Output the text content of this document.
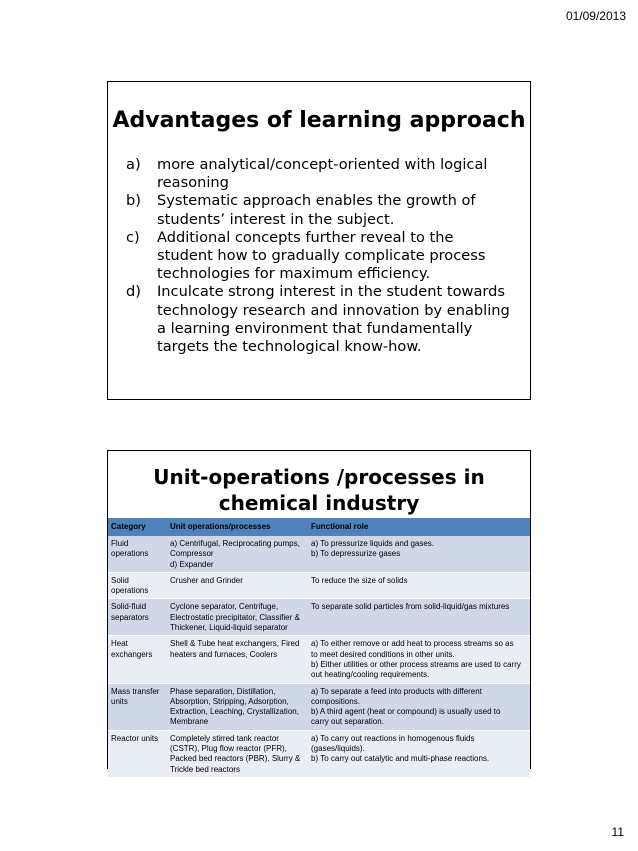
01/09/2013
Advantages of learning approach
a) more analytical/concept-oriented with logical
reasoning
b) Systematic approach enables the growth of
students’ interest in the subject.
c) Additional concepts further reveal to the
student how to gradually complicate process
technologies for maximum efficiency.
d) Inculcate strong interest in the student towards
technology research and innovation by enabling
a learning environment that fundamentally
targets the technological know-how.
Unit-operations /processes in
chemical industry
Category	Unit operations/processes	Functional role

Fluid
operations	a) Centrifugal, Reciprocating pumps,
Compressor
d) Expander	a) To pressurize liquids and gases.
b) To depressurize gases

Solid
operations	Crusher and Grinder	To reduce the size of solids

Solid-fluid
separators	Cyclone separator, Centrifuge,
Electrostatic precipitator, Classifier &
Thickener, Liquid-liquid separator	To separate solid particles from solid-liquid/gas mixtures

Heat
exchangers	Shell & Tube heat exchangers, Fired
heaters and furnaces, Coolers	a) To either remove or add heat to process streams so as
to meet desired conditions in other units.
b) Either utilities or other process streams are used to carry
out heating/cooling requirements.

Mass transfer
units	Phase separation, Distillation,
Absorption, Stripping, Adsorption,
Extraction, Leaching, Crystallization,
Membrane	a) To separate a feed into products with different
compositions.
b) A third agent (heat or compound) is usually used to
carry out separation.

Reactor units	Completely stirred tank reactor
(CSTR), Plug flow reactor (PFR),
Packed bed reactors (PBR), Slurry &
Trickle bed reactors	a) To carry out reactions in homogenous fluids
(gases/liquids).
b) To carry out catalytic and multi-phase reactions.
11
